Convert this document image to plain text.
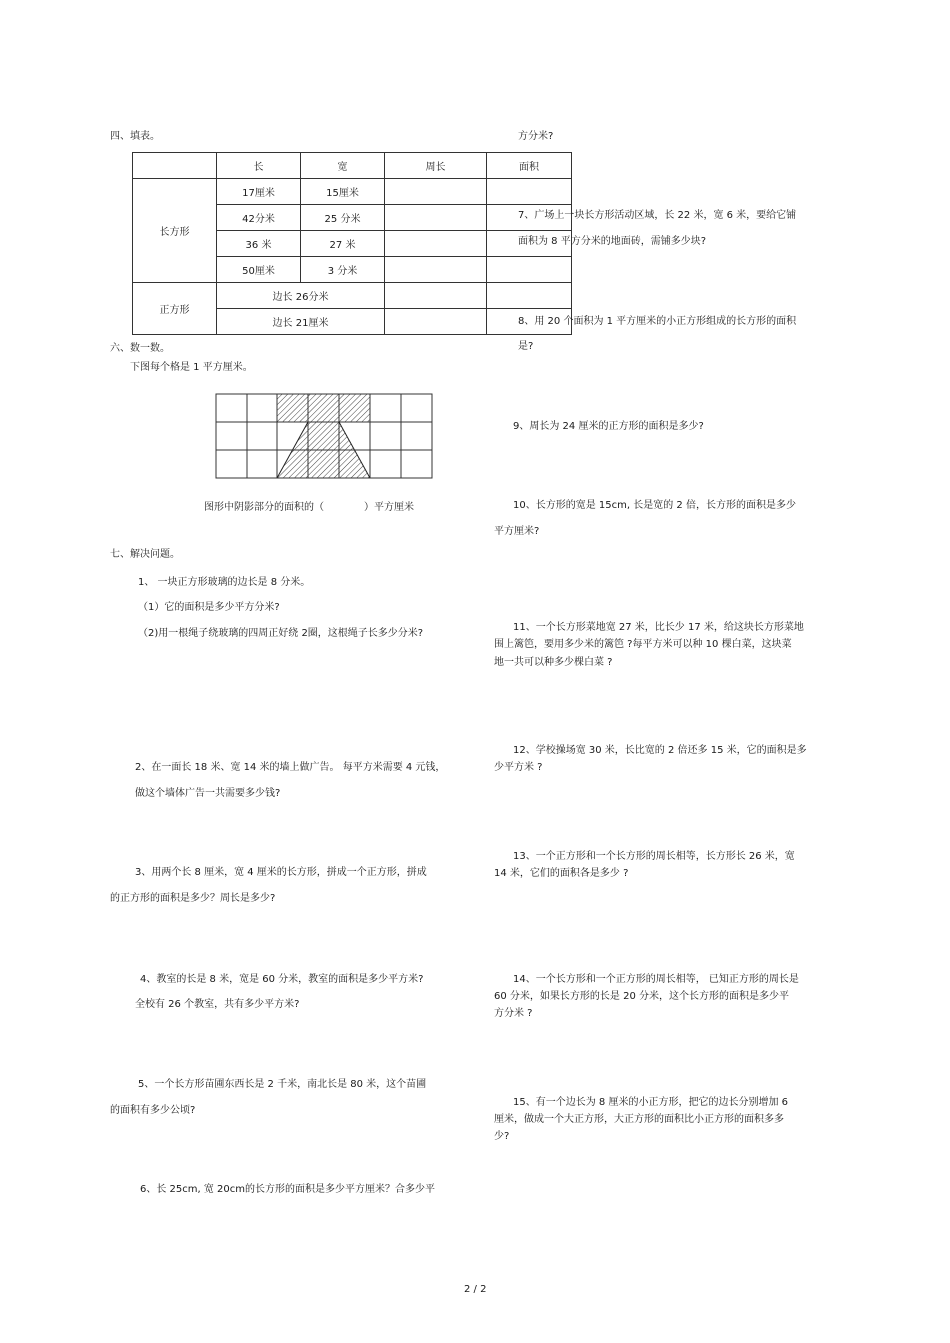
四、填表。
	长	宽	周长	面积
长方形	17厘米	15厘米		
	42分米	25 分米		
	36 米	27 米		
	50厘米	3 分米		
正方形	边长 26分米			
	边长 21厘米			
六、数一数。
下图每个格是 1 平方厘米。
图形中阴影部分的面积的（　　　　）平方厘米
七、解决问题。
1、 一块正方形玻璃的边长是 8 分米。
（1）它的面积是多少平方分米?
（2)用一根绳子绕玻璃的四周正好绕 2圈，这根绳子长多少分米?
2、在一面长 18 米、宽 14 米的墙上做广告。 每平方米需要 4 元钱，
做这个墙体广告一共需要多少钱?
3、用两个长 8 厘米，宽 4 厘米的长方形，拼成一个正方形，拼成
的正方形的面积是多少？周长是多少?
4、教室的长是 8 米，宽是 60 分米，教室的面积是多少平方米?
全校有 26 个教室，共有多少平方米?
5、一个长方形苗圃东西长是 2 千米，南北长是 80 米，这个苗圃
的面积有多少公顷?
6、长 25cm, 宽 20cm的长方形的面积是多少平方厘米？合多少平
方分米?
7、广场上一块长方形活动区域，长 22 米，宽 6 米，要给它铺
面积为 8 平方分米的地面砖，需铺多少块?
8、用 20 个面积为 1 平方厘米的小正方形组成的长方形的面积
是?
9、周长为 24 厘米的正方形的面积是多少?
10、长方形的宽是 15cm, 长是宽的 2 倍，长方形的面积是多少
平方厘米?
11、一个长方形菜地宽 27 米，比长少 17 米，给这块长方形菜地
围上篱笆，要用多少米的篱笆 ?每平方米可以种 10 棵白菜，这块菜
地一共可以种多少棵白菜 ?
12、学校操场宽 30 米，长比宽的 2 倍还多 15 米，它的面积是多
少平方米 ?
13、一个正方形和一个长方形的周长相等，长方形长 26 米，宽
14 米，它们的面积各是多少 ?
14、一个长方形和一个正方形的周长相等， 已知正方形的周长是
60 分米，如果长方形的长是 20 分米，这个长方形的面积是多少平
方分米 ?
15、有一个边长为 8 厘米的小正方形，把它的边长分别增加 6
厘米，做成一个大正方形，大正方形的面积比小正方形的面积多多
少?
2 / 2
